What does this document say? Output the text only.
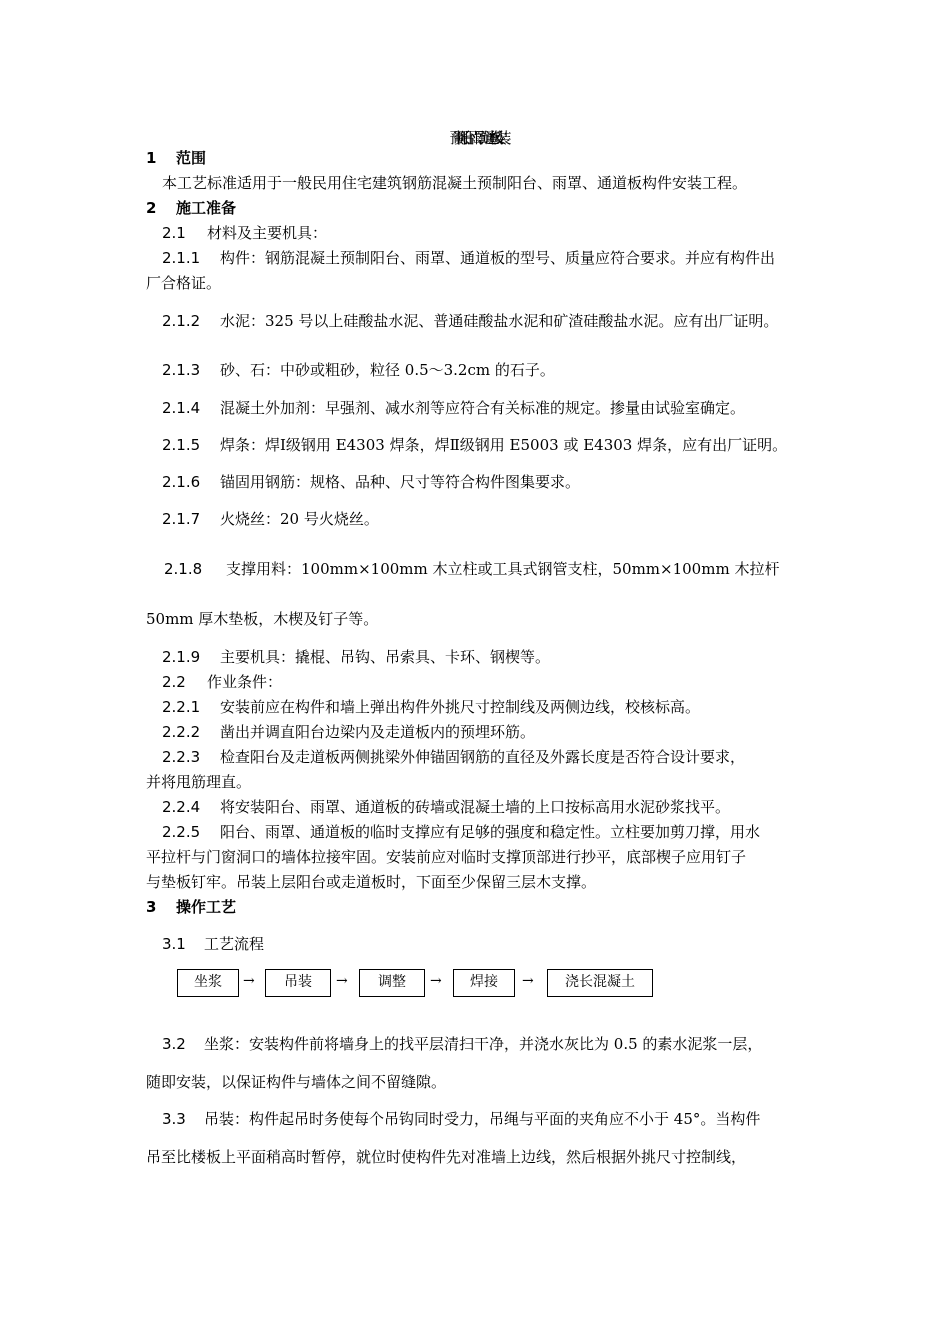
预制阳台、雨罩、通道板安装
1 范围
本工艺标准适用于一般民用住宅建筑钢筋混凝土预制阳台、雨罩、通道板构件安装工程。
2 施工准备
2.1 材料及主要机具：
2.1.1 构件：钢筋混凝土预制阳台、雨罩、通道板的型号、质量应符合要求。并应有构件出
厂合格证。
2.1.2 水泥：325 号以上硅酸盐水泥、普通硅酸盐水泥和矿渣硅酸盐水泥。应有出厂证明。
2.1.3 砂、石：中砂或粗砂，粒径 0.5～3.2cm 的石子。
2.1.4 混凝土外加剂：早强剂、减水剂等应符合有关标准的规定。掺量由试验室确定。
2.1.5 焊条：焊Ⅰ级钢用 E4303 焊条，焊Ⅱ级钢用 E5003 或 E4303 焊条，应有出厂证明。
2.1.6 锚固用钢筋：规格、品种、尺寸等符合构件图集要求。
2.1.7 火烧丝：20 号火烧丝。
2.1.8 支撑用料：100mm×100mm 木立柱或工具式钢管支柱，50mm×100mm 木拉杆
50mm 厚木垫板，木楔及钉子等。
2.1.9 主要机具：撬棍、吊钩、吊索具、卡环、钢楔等。
2.2 作业条件：
2.2.1 安装前应在构件和墙上弹出构件外挑尺寸控制线及两侧边线，校核标高。
2.2.2 凿出并调直阳台边梁内及走道板内的预埋环筋。
2.2.3 检查阳台及走道板两侧挑梁外伸锚固钢筋的直径及外露长度是否符合设计要求，
并将甩筋理直。
2.2.4 将安装阳台、雨罩、通道板的砖墙或混凝土墙的上口按标高用水泥砂浆找平。
2.2.5 阳台、雨罩、通道板的临时支撑应有足够的强度和稳定性。立柱要加剪刀撑，用水
平拉杆与门窗洞口的墙体拉接牢固。安装前应对临时支撑顶部进行抄平，底部楔子应用钉子
与垫板钉牢。吊装上层阳台或走道板时，下面至少保留三层木支撑。
3 操作工艺
3.1 工艺流程
坐浆	→	吊装	→	调整	→	焊接	→	浇长混凝土
3.2 坐浆：安装构件前将墙身上的找平层清扫干净，并浇水灰比为 0.5 的素水泥浆一层，
随即安装，以保证构件与墙体之间不留缝隙。
3.3 吊装：构件起吊时务使每个吊钩同时受力，吊绳与平面的夹角应不小于 45°。当构件
吊至比楼板上平面稍高时暂停，就位时使构件先对准墙上边线，然后根据外挑尺寸控制线，
